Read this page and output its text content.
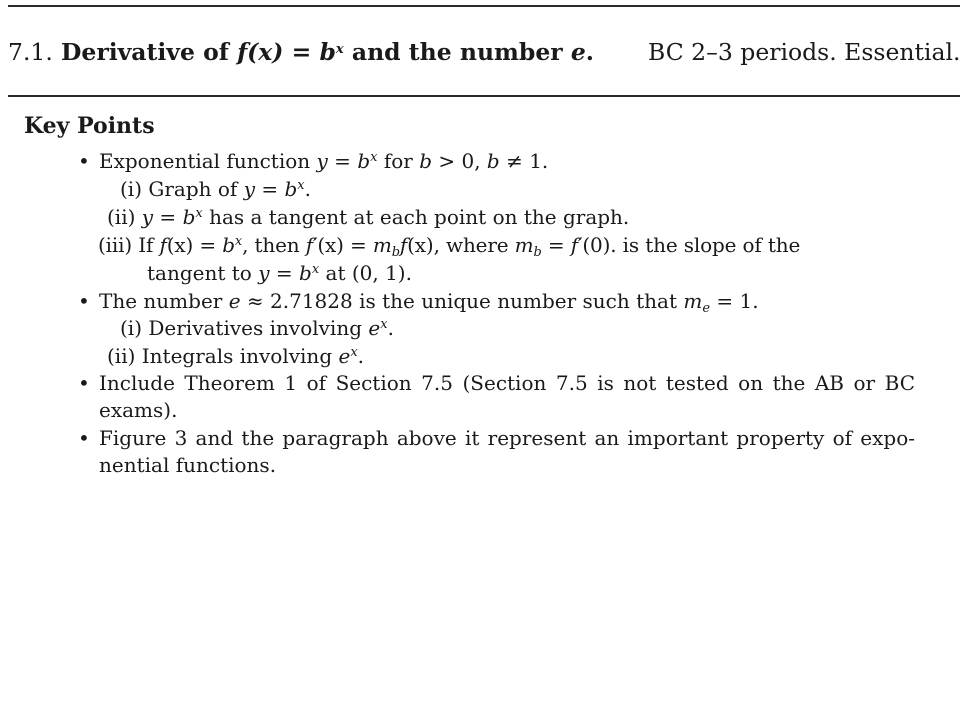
7.1. Derivative of f(x) = b$^x$ and the number e. BC 2–3 periods. Essential.
Key Points
• Exponential function $y = b^x$ for b > 0, b ≠ 1.
(i) Graph of $y = b^x$.
(ii) $y = b^x$ has a tangent at each point on the graph.
(iii) If $f(x) = b^x$, then $f'(x) = m_bf(x)$, where $m_b = f'(0)$. is the slope of the
tangent to $y = b^x$ at (0, 1).
• The number e ≈ 2.71828 is the unique number such that $m_e = 1$.
(i) Derivatives involving $e^x$.
(ii) Integrals involving $e^x$.
• Include Theorem 1 of Section 7.5 (Section 7.5 is not tested on the AB or BC
exams).
• Figure 3 and the paragraph above it represent an important property of expo-
nential functions.
